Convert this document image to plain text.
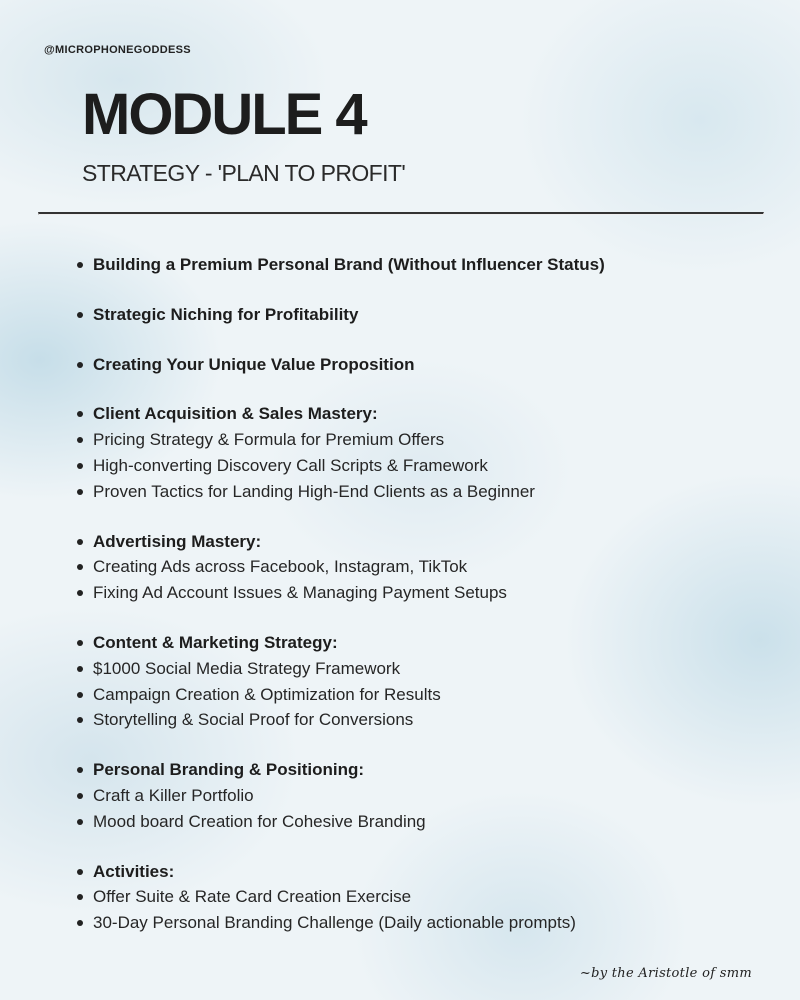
@MICROPHONEGODDESS
MODULE 4
STRATEGY - 'PLAN TO PROFIT'
Building a Premium Personal Brand (Without Influencer Status)
Strategic Niching for Profitability
Creating Your Unique Value Proposition
Client Acquisition & Sales Mastery:
Pricing Strategy & Formula for Premium Offers
High-converting Discovery Call Scripts & Framework
Proven Tactics for Landing High-End Clients as a Beginner
Advertising Mastery:
Creating Ads across Facebook, Instagram, TikTok
Fixing Ad Account Issues & Managing Payment Setups
Content & Marketing Strategy:
$1000 Social Media Strategy Framework
Campaign Creation & Optimization for Results
Storytelling & Social Proof for Conversions
Personal Branding & Positioning:
Craft a Killer Portfolio
Mood board Creation for Cohesive Branding
Activities:
Offer Suite & Rate Card Creation Exercise
30-Day Personal Branding Challenge (Daily actionable prompts)
~by the Aristotle of smm
